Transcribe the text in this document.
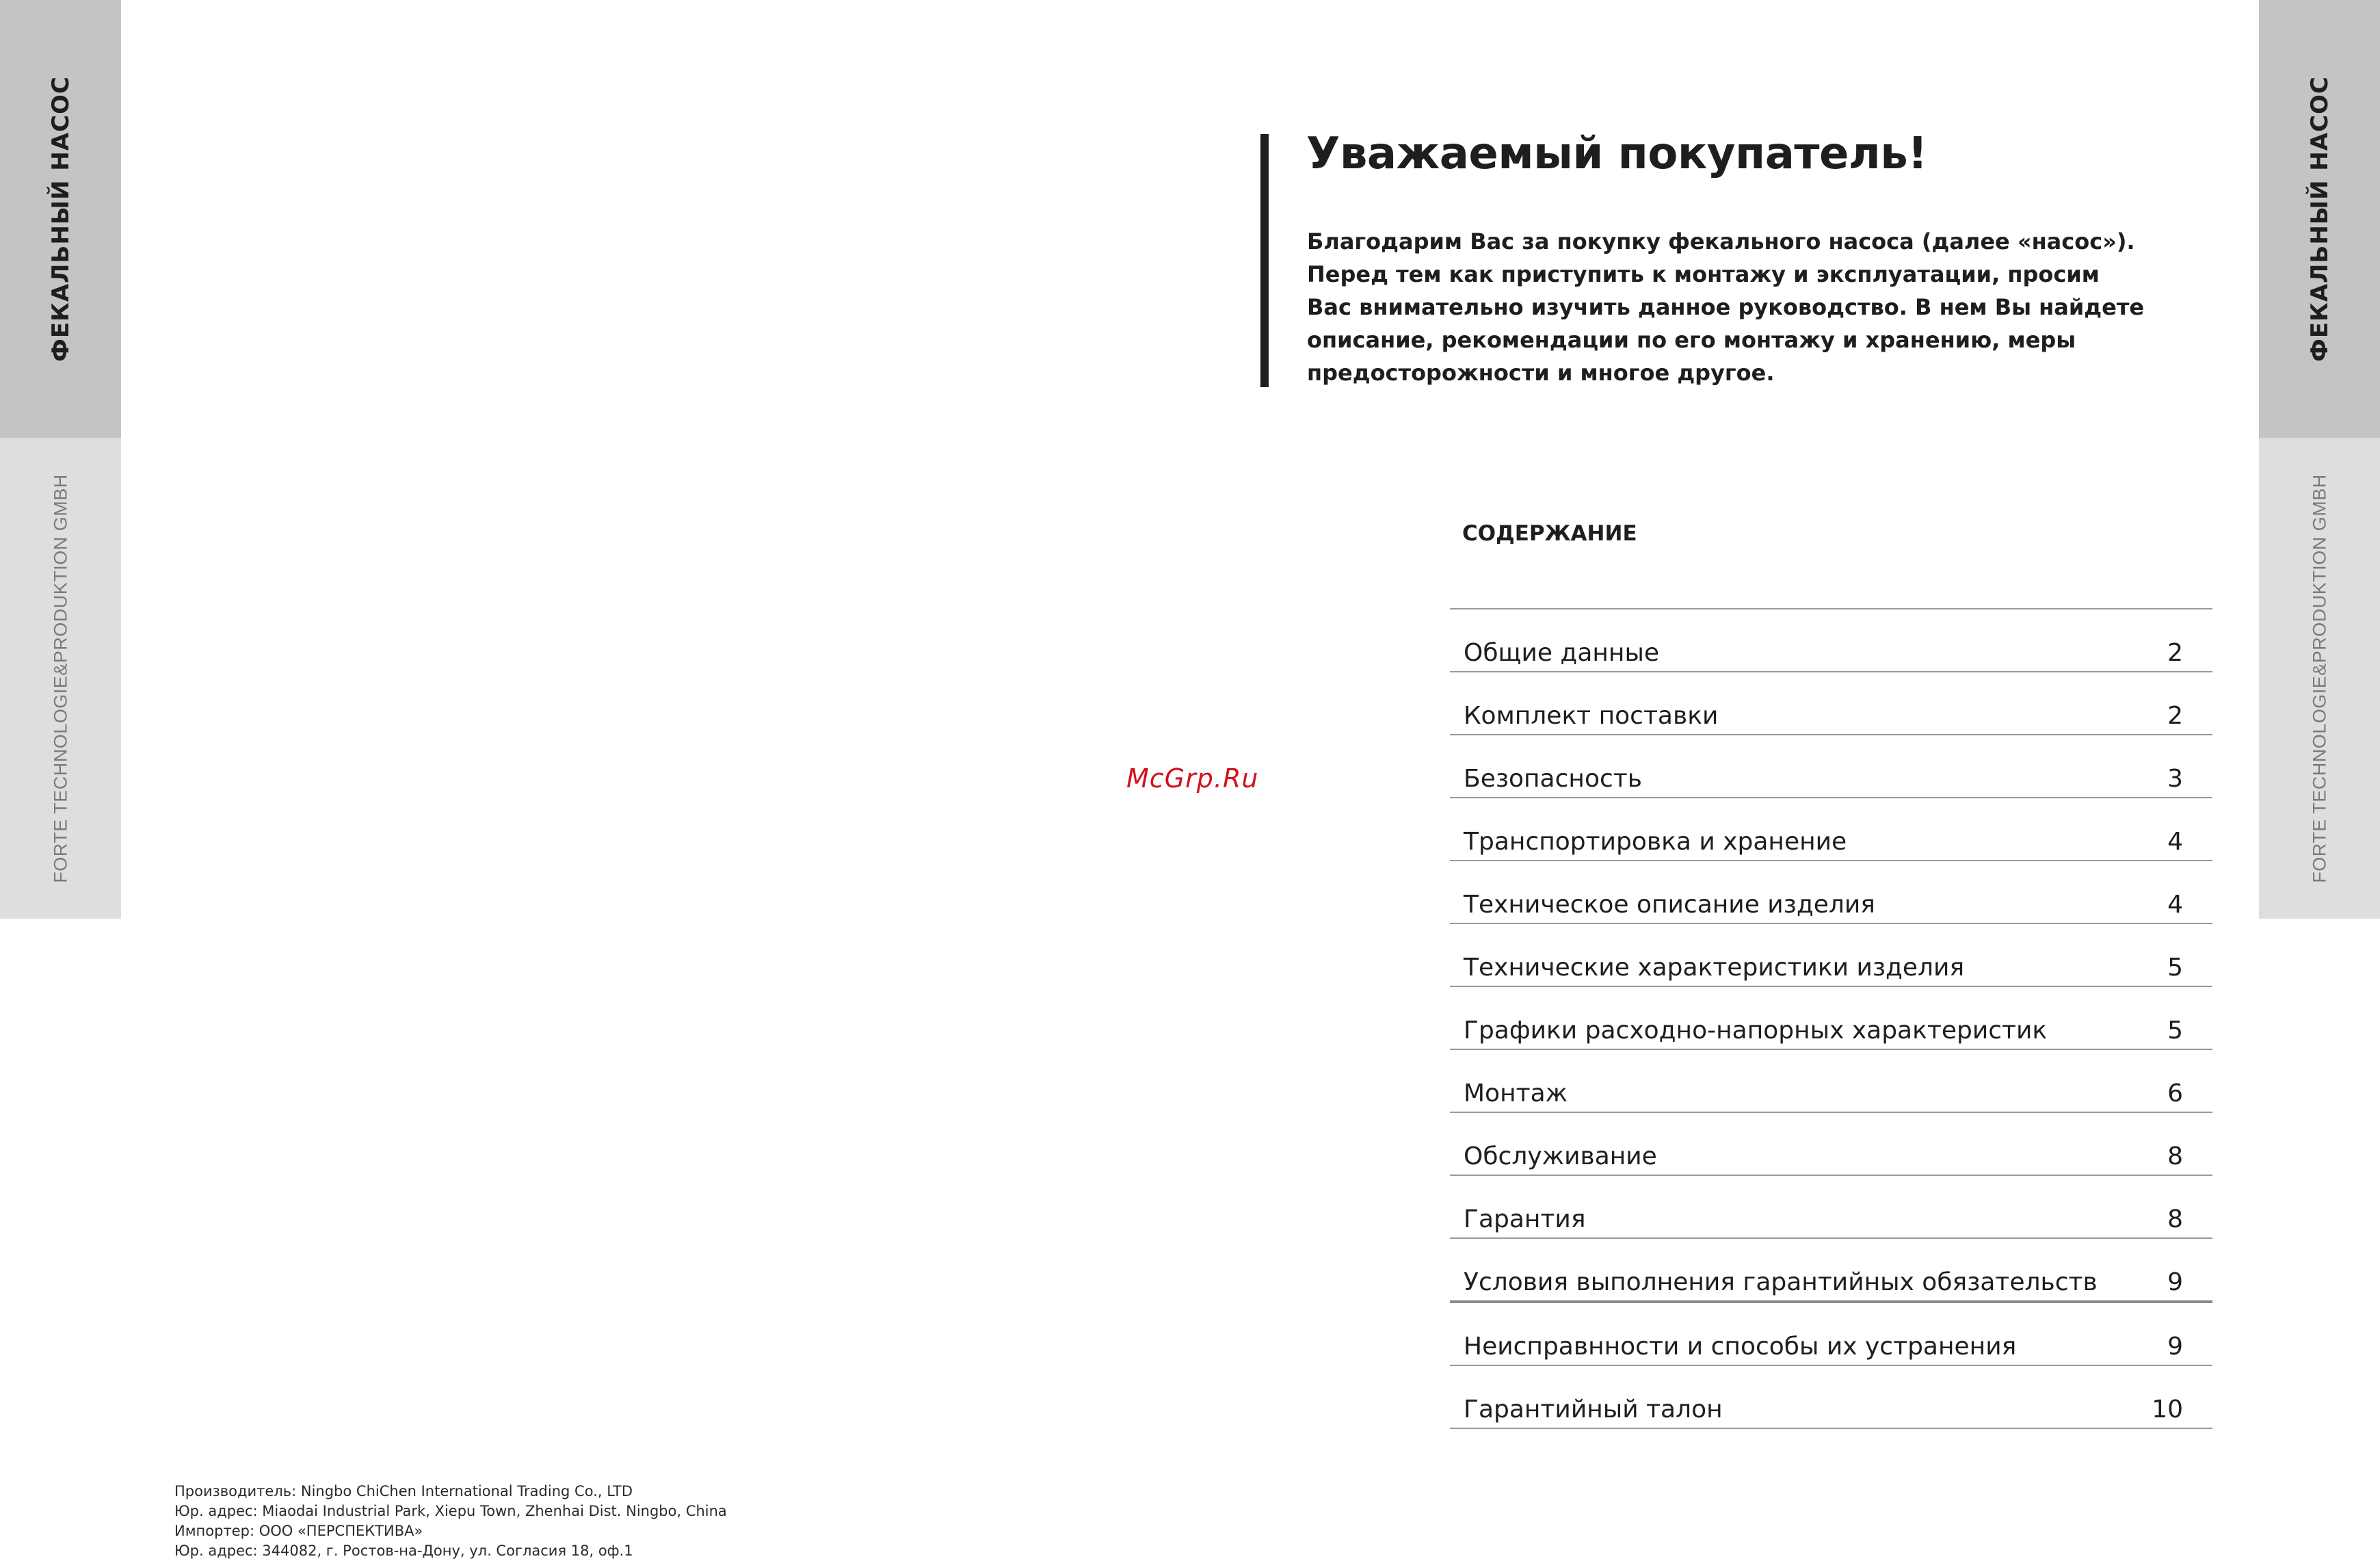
ФЕКАЛЬНЫЙ НАСОС
FORTE TECHNOLOGIE&PRODUKTION GMBH
ФЕКАЛЬНЫЙ НАСОС
FORTE TECHNOLOGIE&PRODUKTION GMBH
Уважаемый покупатель!
Благодарим Вас за покупку фекального насоса (далее «насос»).
Перед тем как приступить к монтажу и эксплуатации, просим
Вас внимательно изучить данное руководство. В нем Вы найдете
описание, рекомендации по его монтажу и хранению, меры
предосторожности и многое другое.
СОДЕРЖАНИЕ
Общие данные	2
Комплект поставки	2
Безопасность	3
Транспортировка и хранение	4
Техническое описание изделия	4
Технические характеристики изделия	5
Графики расходно-напорных характеристик	5
Монтаж	6
Обслуживание	8
Гарантия	8
Условия выполнения гарантийных обязательств	9
Неисправнности и способы их устранения	9
Гарантийный талон	10
McGrp.Ru
Производитель: Ningbo ChiChen International Trading Co., LTD
Юр. адрес: Miaodai Industrial Park, Xiepu Town, Zhenhai Dist. Ningbo, China
Импортер: ООО «ПЕРСПЕКТИВА»
Юр. адрес: 344082, г. Ростов-на-Дону, ул. Согласия 18, оф.1
